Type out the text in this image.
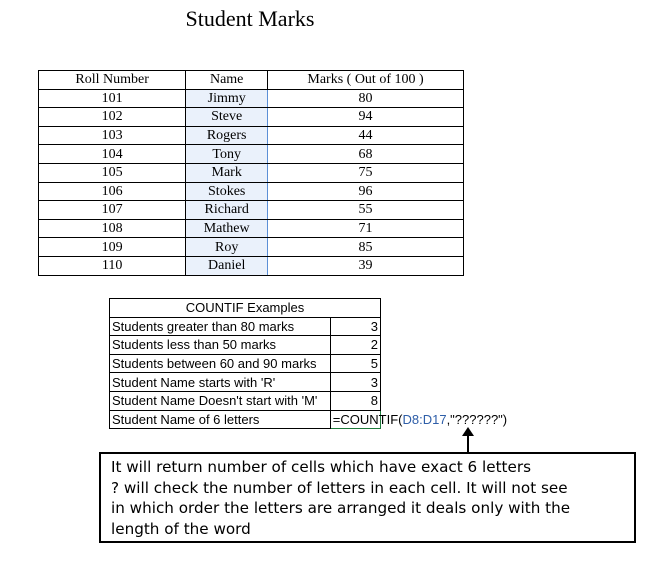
Student Marks
Roll Number	Name	Marks ( Out of 100 )
101	Jimmy	80
102	Steve	94
103	Rogers	44
104	Tony	68
105	Mark	75
106	Stokes	96
107	Richard	55
108	Mathew	71
109	Roy	85
110	Daniel	39
COUNTIF Examples	
Students greater than 80 marks	3
Students less than 50 marks	2
Students between 60 and 90 marks	5
Student Name starts with 'R'	3
Student Name Doesn't start with 'M'	8
Student Name of 6 letters	=COUNTIF(D8:D17,"??????")
It will return number of cells which have exact 6 letters
? will check the number of letters in each cell. It will not see
in which order the letters are arranged it deals only with the
length of the word
